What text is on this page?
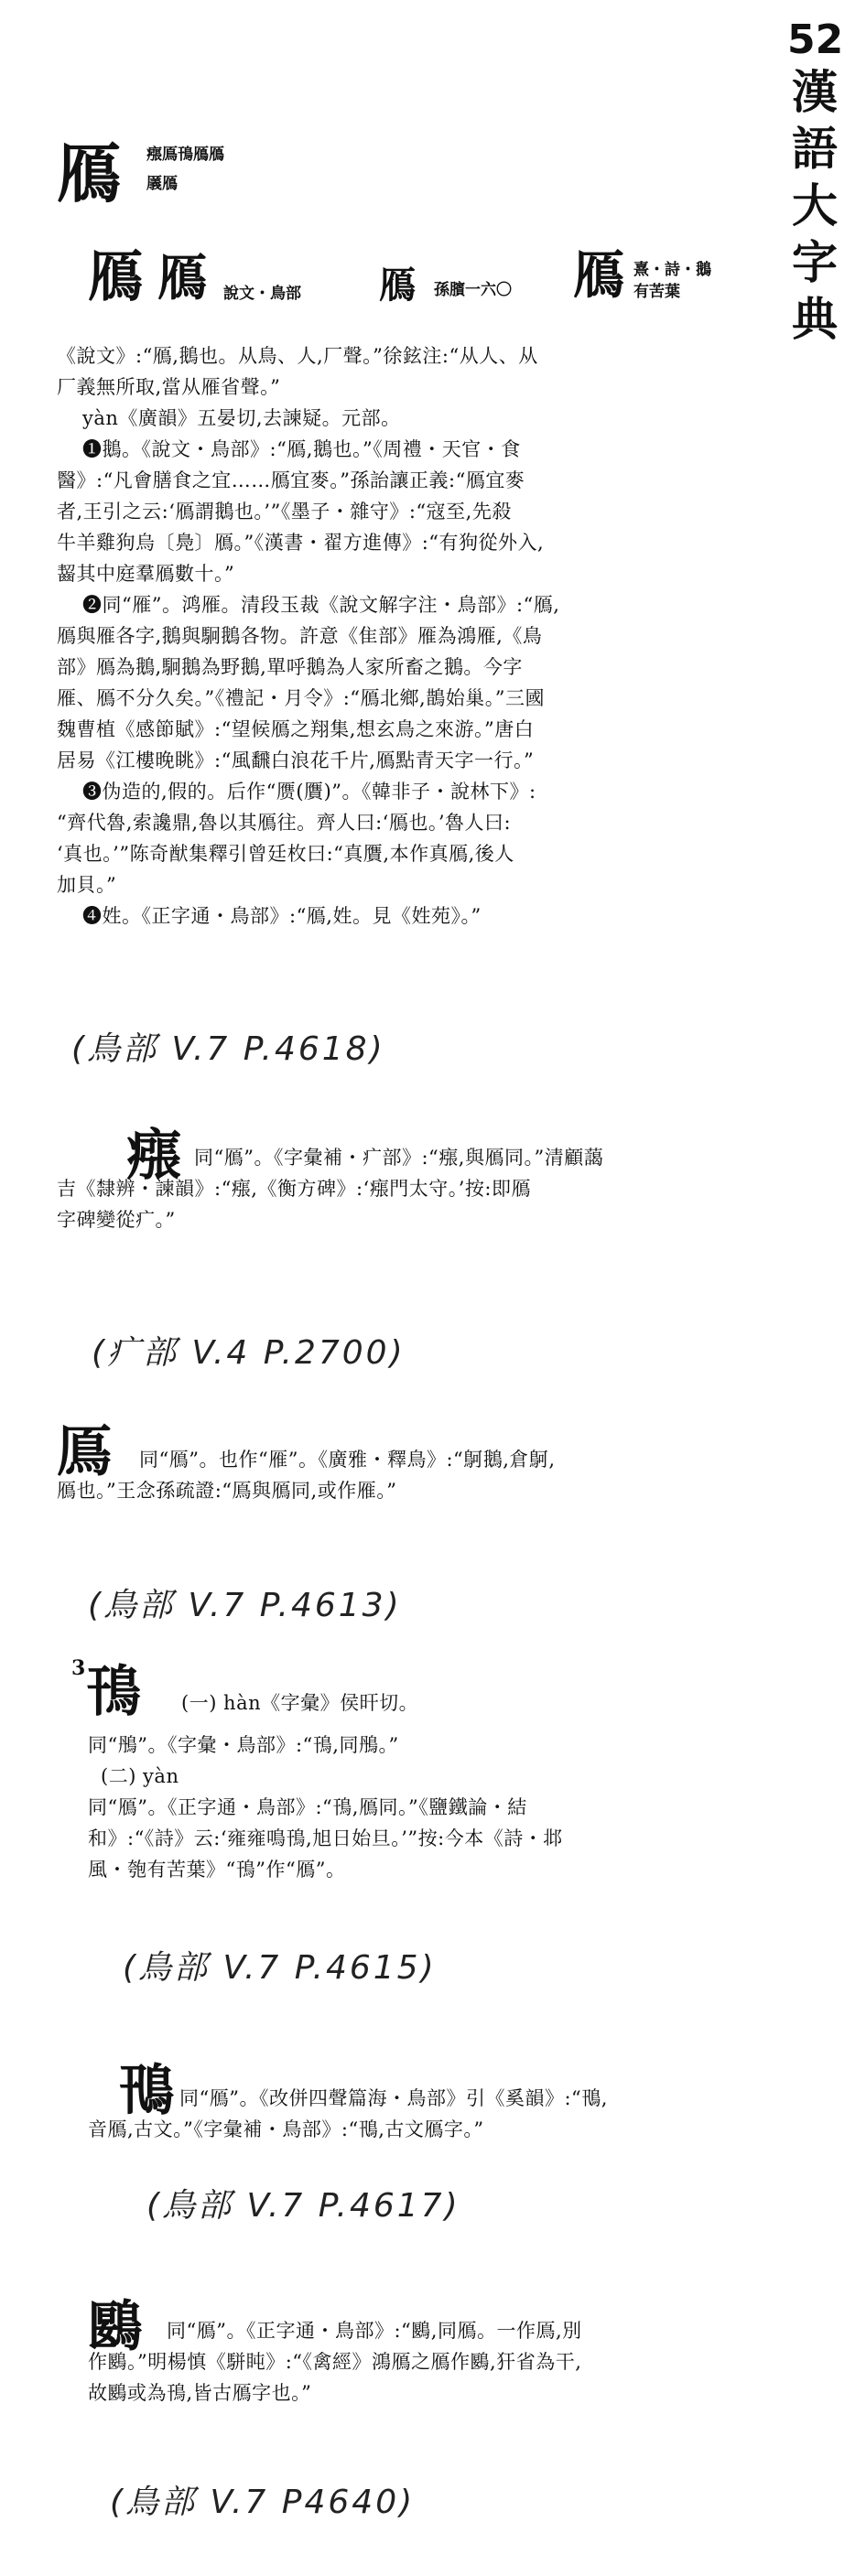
52
漢
語
大
字
典
鴈 瘬鳫鳱鴈鴈
㕒鴈
鴈 鴈 說文・鳥部 鴈 孫臏一六〇 鴈 熹・詩・鵝
有苦葉
《說文》:“鴈,鵝也。从鳥、人,厂聲。”徐鉉注:“从人、从
厂義無所取,當从雁省聲。”
yàn《廣韻》五晏切,去諫疑。元部。
❶鵝。《說文・鳥部》:“鴈,鵝也。”《周禮・天官・食
醫》:“凡會膳食之宜……鴈宜麥。”孫詒讓正義:“鴈宜麥
者,王引之云:‘鴈謂鵝也。’”《墨子・雜守》:“寇至,先殺
牛羊雞狗烏〔鳧〕鴈。”《漢書・翟方進傳》:“有狗從外入,
齧其中庭羣鴈數十。”
❷同“雁”。鸿雁。清段玉裁《說文解字注・鳥部》:“鴈,
鴈與雁各字,鵝與駉鵝各物。許意《隹部》雁為鴻雁,《鳥
部》鴈為鵝,駉鵝為野鵝,單呼鵝為人家所畜之鵝。今字
雁、鴈不分久矣。”《禮記・月令》:“鴈北鄉,鵲始巢。”三國
魏曹植《感節賦》:“望候鴈之翔集,想玄鳥之來游。”唐白
居易《江樓晚眺》:“風飜白浪花千片,鴈點青天字一行。”
❸伪造的,假的。后作“赝(贋)”。《韓非子・說林下》:
“齊代魯,索讒鼎,魯以其鴈往。齊人曰:‘鴈也。’魯人曰:
‘真也。’”陈奇猷集釋引曾廷枚曰:“真贋,本作真鴈,後人
加貝。”
❹姓。《正字通・鳥部》:“鴈,姓。見《姓苑》。”
(鳥部 V.7 P.4618)
瘬 同“鴈”。《字彙補・疒部》:“瘬,與鴈同。”清顧藹
吉《隸辨・諫韻》:“瘬,《衡方碑》:‘瘬門太守。’按:即鴈
字碑變從疒。”
(疒部 V.4 P.2700)
鳫	同“鴈”。也作“雁”。《廣雅・釋鳥》:“鴚鵝,倉鴚,
鴈也。”王念孫疏證:“鳫與鴈同,或作雁。”
(鳥部 V.7 P.4613)
3 鳱 (一) hàn《字彙》侯旰切。
同“鴅”。《字彙・鳥部》:“鳱,同鴅。”
(二) yàn
同“鴈”。《正字通・鳥部》:“鳱,鴈同。”《鹽鐵論・結
和》:“《詩》云:‘雍雍鳴鳱,旭日始旦。’”按:今本《詩・邶
風・匏有苦葉》“鳱”作“鴈”。
(鳥部 V.7 P.4615)
鳵 同“鴈”。《改併四聲篇海・鳥部》引《奚韻》:“鳵,
音鴈,古文。”《字彙補・鳥部》:“鳵,古文鴈字。”
(鳥部 V.7 P.4617)
鶠	同“鴈”。《正字通・鳥部》:“鶠,同鴈。一作鳫,別
作鶠。”明楊慎《駢盹》:“《禽經》鴻鴈之鴈作鶠,犴省為干,
故鶠或為鳱,皆古鴈字也。”
(鳥部 V.7 P4640)
